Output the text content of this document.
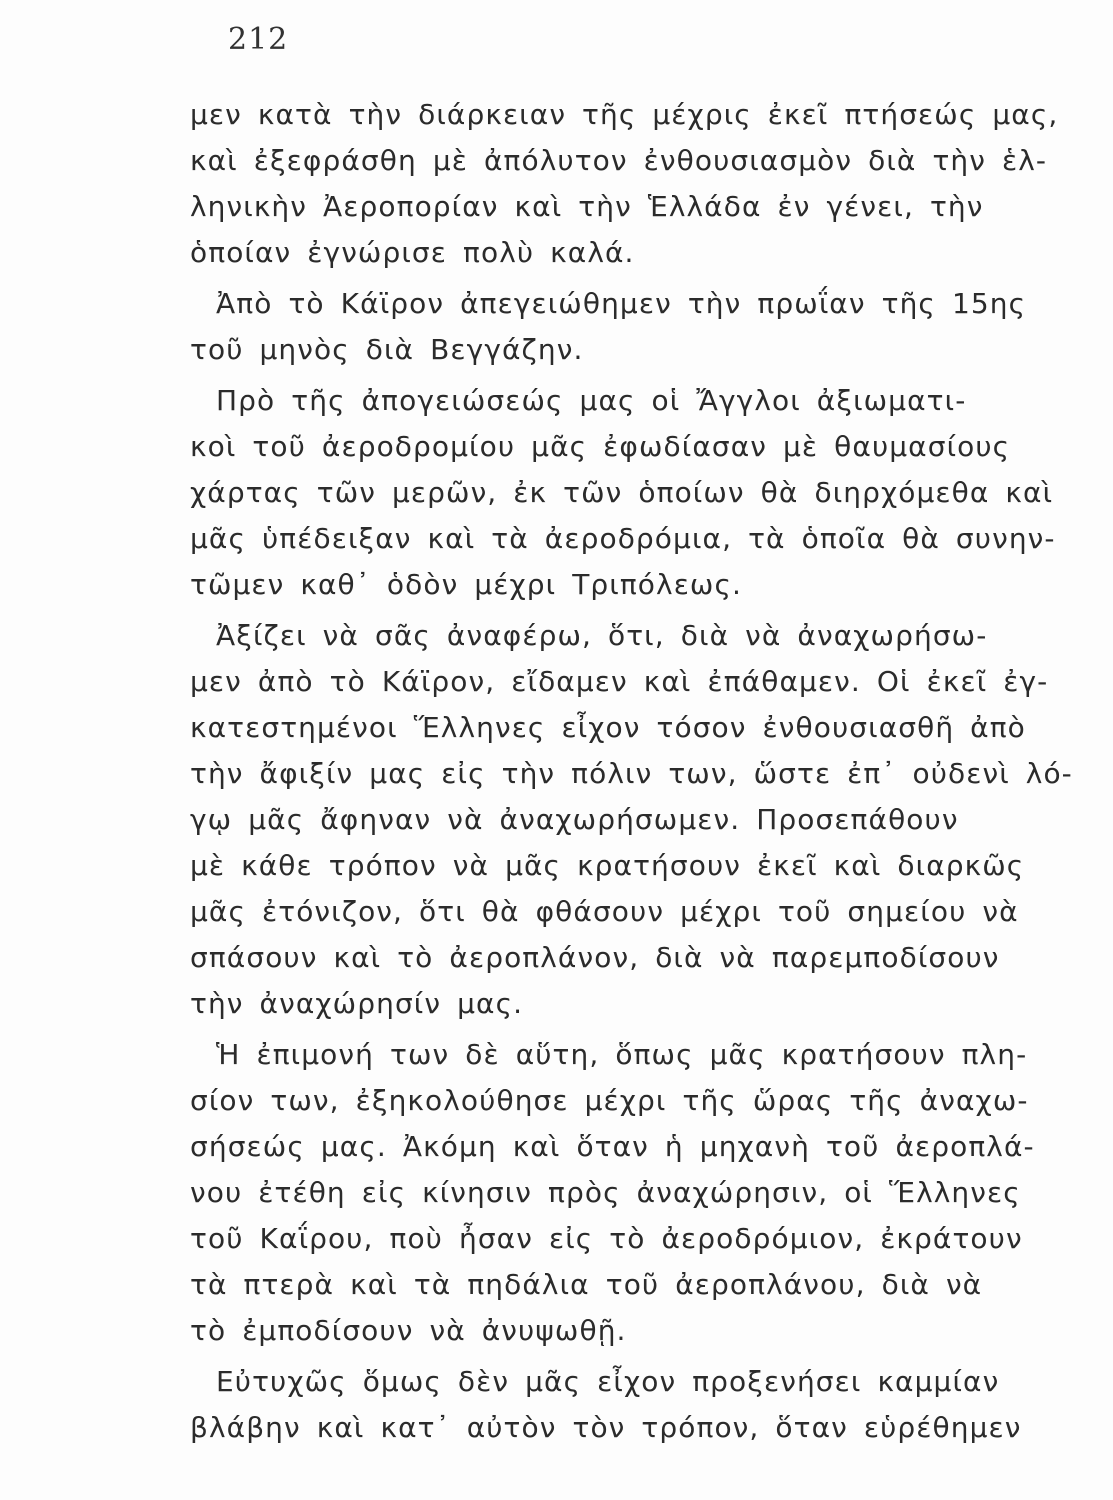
212
μεν κατὰ τὴν διάρκειαν τῆς μέχρις ἐκεῖ πτήσεώς μας,
καὶ ἐξεφράσθη μὲ ἀπόλυτον ἐνθουσιασμὸν διὰ τὴν ἑλ-
ληνικὴν Ἀεροπορίαν καὶ τὴν Ἑλλάδα ἐν γένει, τὴν
ὁποίαν ἐγνώρισε πολὺ καλά.
Ἀπὸ τὸ Κάϊρον ἀπεγειώθημεν τὴν πρωΐαν τῆς 15ης
τοῦ μηνὸς διὰ Βεγγάζην.
Πρὸ τῆς ἀπογειώσεώς μας οἱ Ἄγγλοι ἀξιωματι-
κοὶ τοῦ ἀεροδρομίου μᾶς ἐφωδίασαν μὲ θαυμασίους
χάρτας τῶν μερῶν, ἐκ τῶν ὁποίων θὰ διηρχόμεθα καὶ
μᾶς ὑπέδειξαν καὶ τὰ ἀεροδρόμια, τὰ ὁποῖα θὰ συνην-
τῶμεν καθ᾽ ὁδὸν μέχρι Τριπόλεως.
Ἀξίζει νὰ σᾶς ἀναφέρω, ὅτι, διὰ νὰ ἀναχωρήσω-
μεν ἀπὸ τὸ Κάϊρον, εἴδαμεν καὶ ἐπάθαμεν. Οἱ ἐκεῖ ἐγ-
κατεστημένοι Ἕλληνες εἶχον τόσον ἐνθουσιασθῆ ἀπὸ
τὴν ἄφιξίν μας εἰς τὴν πόλιν των, ὥστε ἐπ᾽ οὐδενὶ λό-
γῳ μᾶς ἄφηναν νὰ ἀναχωρήσωμεν. Προσεπάθουν
μὲ κάθε τρόπον νὰ μᾶς κρατήσουν ἐκεῖ καὶ διαρκῶς
μᾶς ἐτόνιζον, ὅτι θὰ φθάσουν μέχρι τοῦ σημείου νὰ
σπάσουν καὶ τὸ ἀεροπλάνον, διὰ νὰ παρεμποδίσουν
τὴν ἀναχώρησίν μας.
Ἡ ἐπιμονή των δὲ αὕτη, ὅπως μᾶς κρατήσουν πλη-
σίον των, ἐξηκολούθησε μέχρι τῆς ὥρας τῆς ἀναχω-
σήσεώς μας. Ἀκόμη καὶ ὅταν ἡ μηχανὴ τοῦ ἀεροπλά-
νου ἐτέθη εἰς κίνησιν πρὸς ἀναχώρησιν, οἱ Ἕλληνες
τοῦ Καΐρου, ποὺ ἦσαν εἰς τὸ ἀεροδρόμιον, ἐκράτουν
τὰ πτερὰ καὶ τὰ πηδάλια τοῦ ἀεροπλάνου, διὰ νὰ
τὸ ἐμποδίσουν νὰ ἀνυψωθῇ.
Εὐτυχῶς ὅμως δὲν μᾶς εἶχον προξενήσει καμμίαν
βλάβην καὶ κατ᾽ αὐτὸν τὸν τρόπον, ὅταν εὑρέθημεν
